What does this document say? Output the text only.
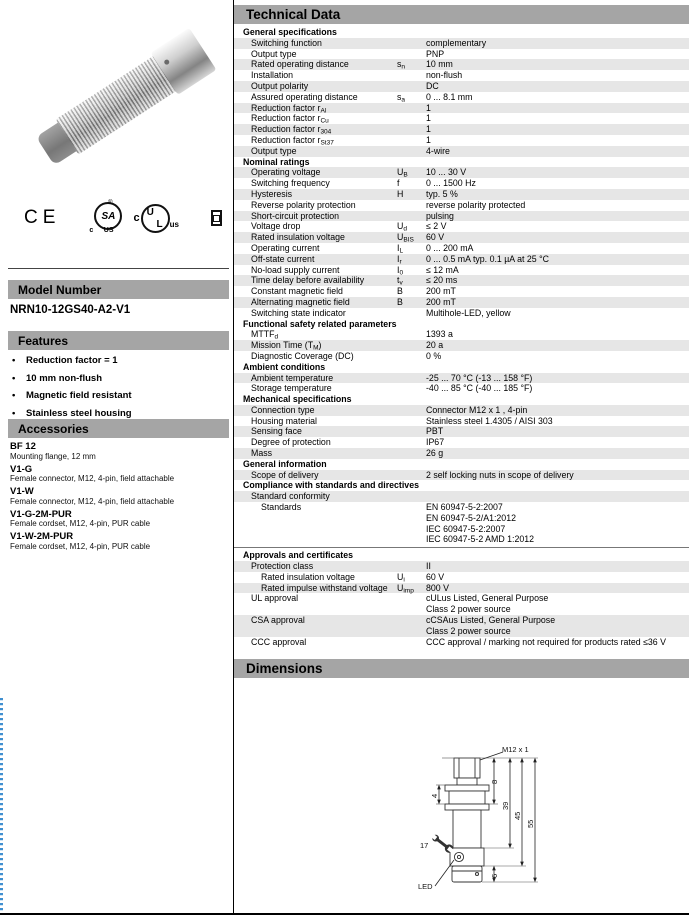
CE	SA
c US
®
c U
L us
Model Number
NRN10-12GS40-A2-V1
Features
•	Reduction factor = 1
•	10 mm non-flush
•	Magnetic field resistant
•	Stainless steel housing
Accessories
BF 12
Mounting flange, 12 mm
V1-G
Female connector, M12, 4-pin, field attachable
V1-W
Female connector, M12, 4-pin, field attachable
V1-G-2M-PUR
Female cordset, M12, 4-pin, PUR cable
V1-W-2M-PUR
Female cordset, M12, 4-pin, PUR cable
Technical Data
General specifications
Switching function	complementary
Output type	PNP
Rated operating distance	$s_n$	10 mm
Installation	non-flush
Output polarity	DC
Assured operating distance	$s_a$	0 ... 8.1 mm
Reduction factor $r_{Al}$	1
Reduction factor $r_{Cu}$	1
Reduction factor $r_{304}$	1
Reduction factor $r_{St37}$	1
Output type	4-wire
Nominal ratings
Operating voltage	$U_B$	10 ... 30 V
Switching frequency	f	0 ... 1500 Hz
Hysteresis	H	typ. 5 %
Reverse polarity protection	reverse polarity protected
Short-circuit protection	pulsing
Voltage drop	$U_d$	≤ 2 V
Rated insulation voltage	$U_{BIS}$	60 V
Operating current	$I_L$	0 ... 200 mA
Off-state current	$I_r$	0 ... 0.5 mA typ. 0.1 µA at 25 °C
No-load supply current	$I_0$	≤ 12 mA
Time delay before availability	$t_v$	≤ 20 ms
Constant magnetic field	B	200 mT
Alternating magnetic field	B	200 mT
Switching state indicator	Multihole-LED, yellow
Functional safety related parameters
$MTTF_d$	1393 a
Mission Time $(T_M)$	20 a
Diagnostic Coverage (DC)	0 %
Ambient conditions
Ambient temperature	-25 ... 70 °C (-13 ... 158 °F)
Storage temperature	-40 ... 85 °C (-40 ... 185 °F)
Mechanical specifications
Connection type	Connector M12 x 1 , 4-pin
Housing material	Stainless steel 1.4305 / AISI 303
Sensing face	PBT
Degree of protection	IP67
Mass	26 g
General information
Scope of delivery	2 self locking nuts in scope of delivery
Compliance with standards and directives
Standard conformity
Standards	EN 60947-5-2:2007
EN 60947-5-2/A1:2012
IEC 60947-5-2:2007
IEC 60947-5-2 AMD 1:2012
Approvals and certificates
Protection class	II
Rated insulation voltage	$U_i$	60 V
Rated impulse withstand voltage	$U_{imp}$	800 V
UL approval	cULus Listed, General Purpose
Class 2 power source
CSA approval	cCSAus Listed, General Purpose
Class 2 power source
CCC approval	CCC approval / marking not required for products rated ≤36 V
Dimensions
M12 x 1
8
39
45
55
6
4
17
LED
